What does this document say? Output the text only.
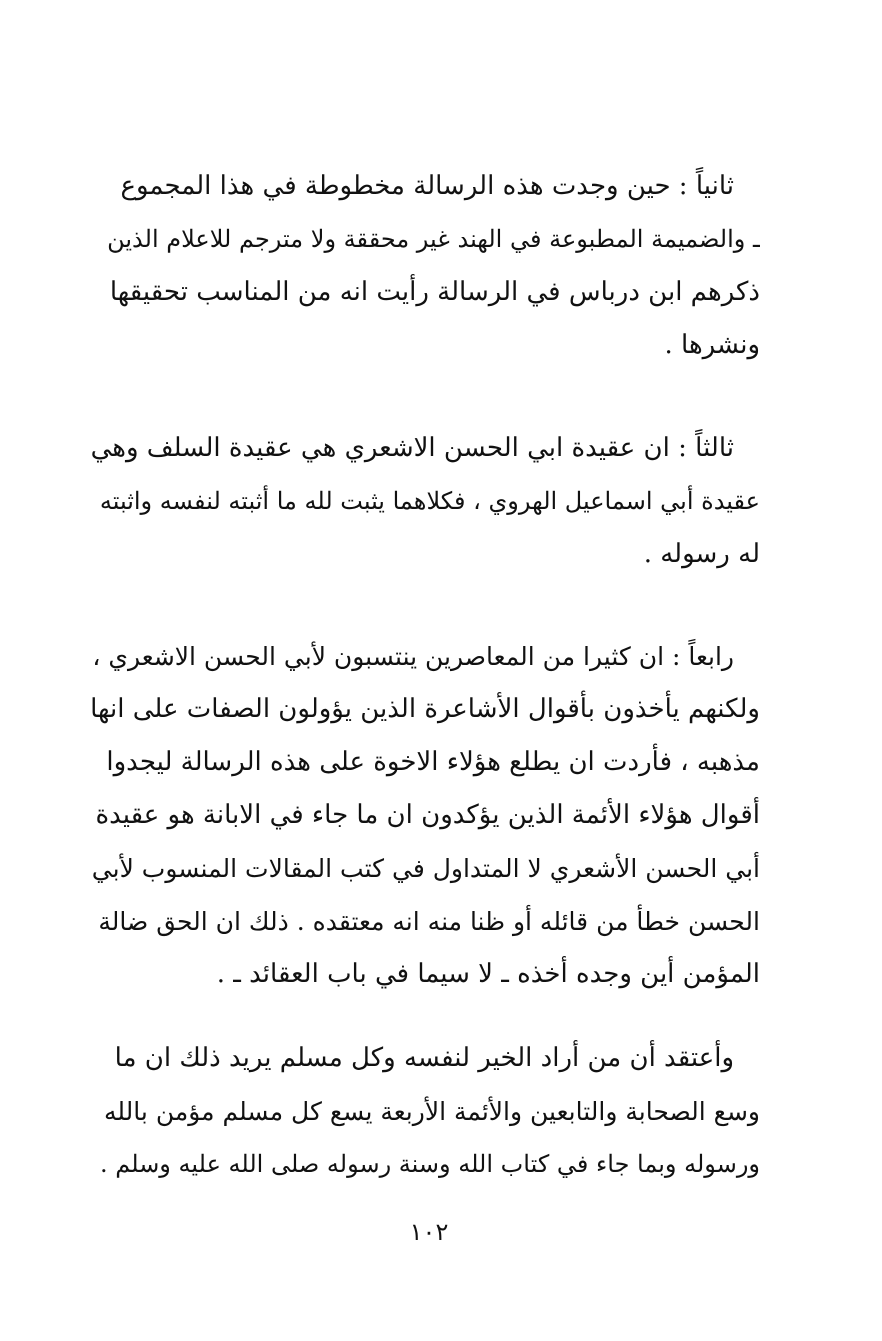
ثانياً : حين وجدت هذه الرسالة مخطوطة في هذا المجموع
ـ والضميمة المطبوعة في الهند غير محققة ولا مترجم للاعلام الذين
ذكرهم ابن درباس في الرسالة رأيت انه من المناسب تحقيقها
ونشرها .
ثالثاً : ان عقيدة ابي الحسن الاشعري هي عقيدة السلف وهي
عقيدة أبي اسماعيل الهروي ، فكلاهما يثبت لله ما أثبته لنفسه واثبته
له رسوله .
رابعاً : ان كثيرا من المعاصرين ينتسبون لأبي الحسن الاشعري ،
ولكنهم يأخذون بأقوال الأشاعرة الذين يؤولون الصفات على انها
مذهبه ، فأردت ان يطلع هؤلاء الاخوة على هذه الرسالة ليجدوا
أقوال هؤلاء الأئمة الذين يؤكدون ان ما جاء في الابانة هو عقيدة
أبي الحسن الأشعري لا المتداول في كتب المقالات المنسوب لأبي
الحسن خطأ من قائله أو ظنا منه انه معتقده . ذلك ان الحق ضالة
المؤمن أين وجده أخذه ـ لا سيما في باب العقائد ـ .
وأعتقد أن من أراد الخير لنفسه وكل مسلم يريد ذلك ان ما
وسع الصحابة والتابعين والأئمة الأربعة يسع كل مسلم مؤمن بالله
ورسوله وبما جاء في كتاب الله وسنة رسوله صلى الله عليه وسلم .
١٠٢
